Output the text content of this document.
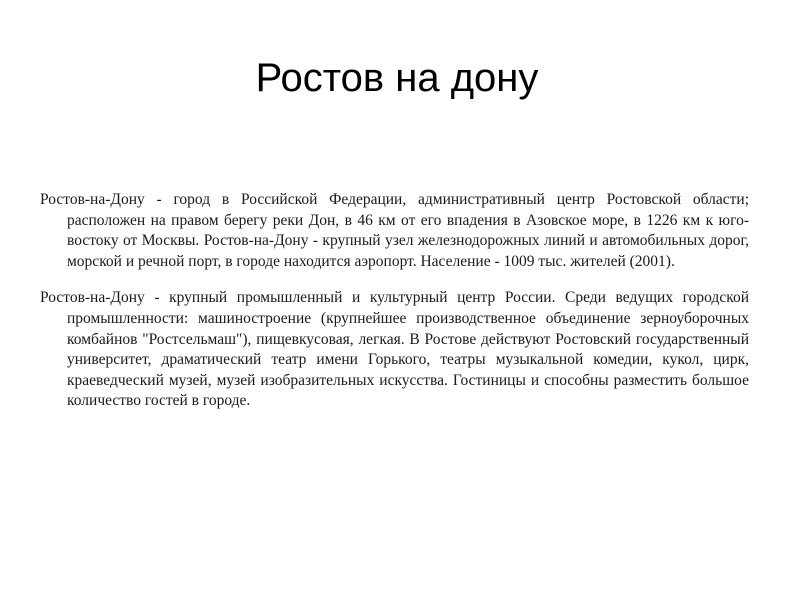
Ростов на дону

Ростов-на-Дону - город в Российской Федерации, административный центр Ростовской области; расположен на правом берегу реки Дон, в 46 км от его впадения в Азовское море, в 1226 км к юго-востоку от Москвы. Ростов-на-Дону - крупный узел железнодорожных линий и автомобильных дорог, морской и речной порт, в городе находится аэропорт. Население - 1009 тыс. жителей (2001).

Ростов-на-Дону - крупный промышленный и культурный центр России. Среди ведущих городской промышленности: машиностроение (крупнейшее производственное объединение зерноуборочных комбайнов "Ростсельмаш"), пищевкусовая, легкая. В Ростове действуют Ростовский государственный университет, драматический театр имени Горького, театры музыкальной комедии, кукол, цирк, краеведческий музей, музей изобразительных искусства. Гостиницы и способны разместить большое количество гостей в городе.
